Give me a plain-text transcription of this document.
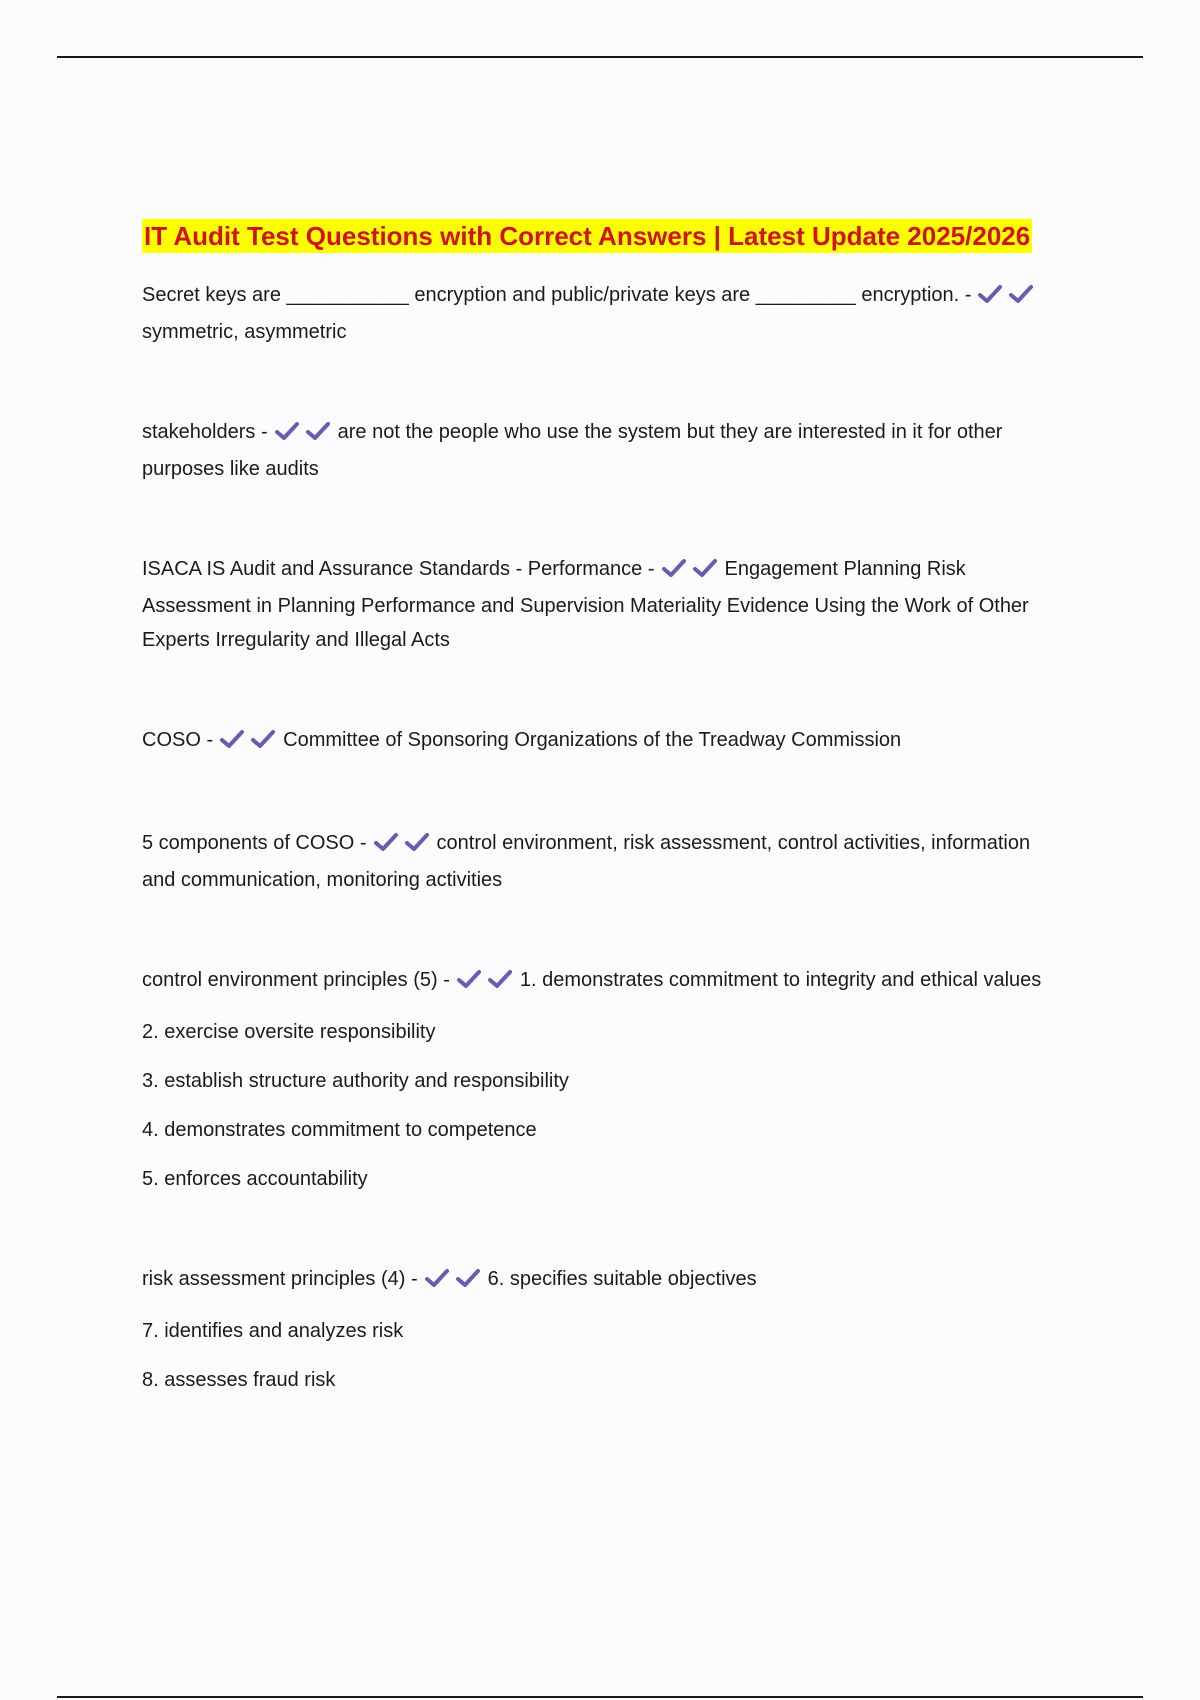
IT Audit Test Questions with Correct Answers | Latest Update 2025/2026

Secret keys are ___________ encryption and public/private keys are _________ encryption. -
symmetric, asymmetric

stakeholders -	are not the people who use the system but they are interested in it for other purposes like audits

ISACA IS Audit and Assurance Standards - Performance -	Engagement Planning Risk Assessment in Planning Performance and Supervision Materiality Evidence Using the Work of Other Experts Irregularity and Illegal Acts

COSO -	Committee of Sponsoring Organizations of the Treadway Commission

5 components of COSO -	control environment, risk assessment, control activities, information and communication, monitoring activities

control environment principles (5) -	1. demonstrates commitment to integrity and ethical values

2. exercise oversite responsibility

3. establish structure authority and responsibility

4. demonstrates commitment to competence

5. enforces accountability

risk assessment principles (4) -	6. specifies suitable objectives

7. identifies and analyzes risk

8. assesses fraud risk
